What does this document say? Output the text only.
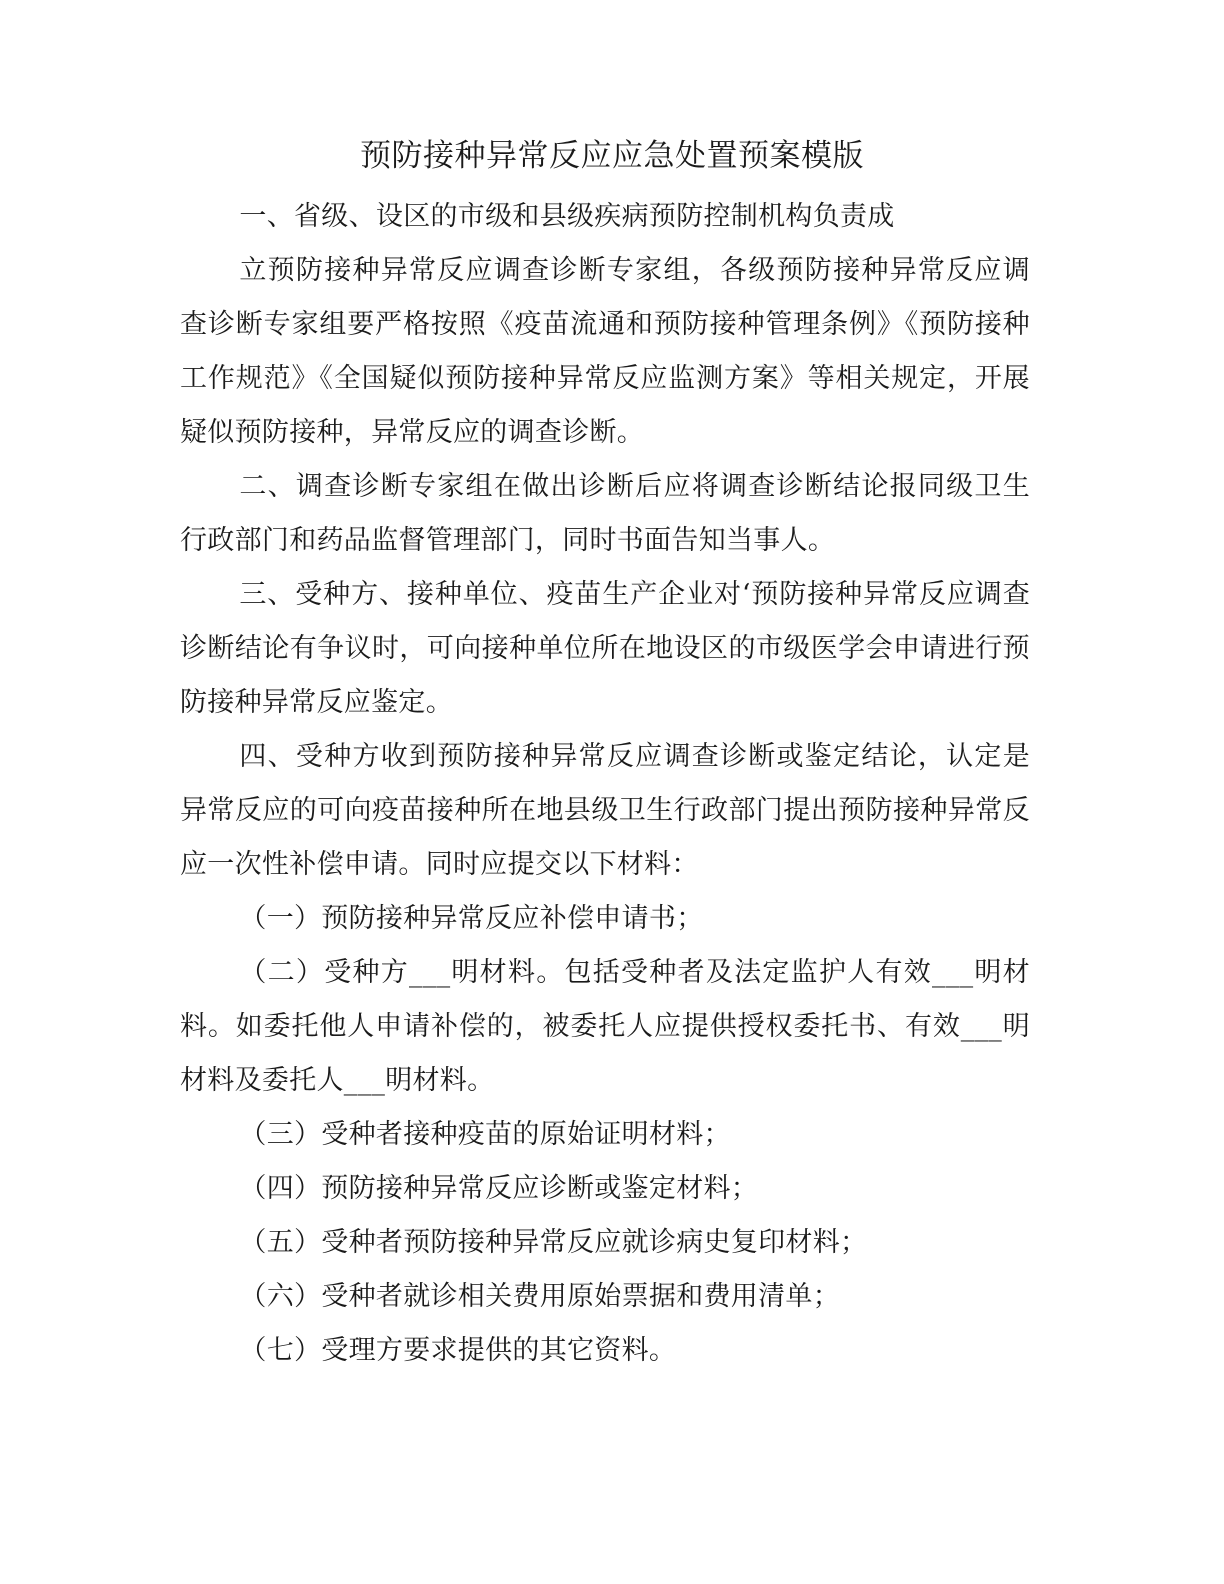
预防接种异常反应应急处置预案模版

一、省级、设区的市级和县级疾病预防控制机构负责成

立预防接种异常反应调查诊断专家组，各级预防接种异常反应调查诊断专家组要严格按照《疫苗流通和预防接种管理条例》《预防接种工作规范》《全国疑似预防接种异常反应监测方案》等相关规定，开展疑似预防接种，异常反应的调查诊断。

二、调查诊断专家组在做出诊断后应将调查诊断结论报同级卫生行政部门和药品监督管理部门，同时书面告知当事人。

三、受种方、接种单位、疫苗生产企业对‘预防接种异常反应调查诊断结论有争议时，可向接种单位所在地设区的市级医学会申请进行预防接种异常反应鉴定。

四、受种方收到预防接种异常反应调查诊断或鉴定结论，认定是异常反应的可向疫苗接种所在地县级卫生行政部门提出预防接种异常反应一次性补偿申请。同时应提交以下材料：

（一）预防接种异常反应补偿申请书；

（二）受种方___明材料。包括受种者及法定监护人有效___明材料。如委托他人申请补偿的，被委托人应提供授权委托书、有效___明材料及委托人___明材料。

（三）受种者接种疫苗的原始证明材料；

（四）预防接种异常反应诊断或鉴定材料；

（五）受种者预防接种异常反应就诊病史复印材料；

（六）受种者就诊相关费用原始票据和费用清单；

（七）受理方要求提供的其它资料。
